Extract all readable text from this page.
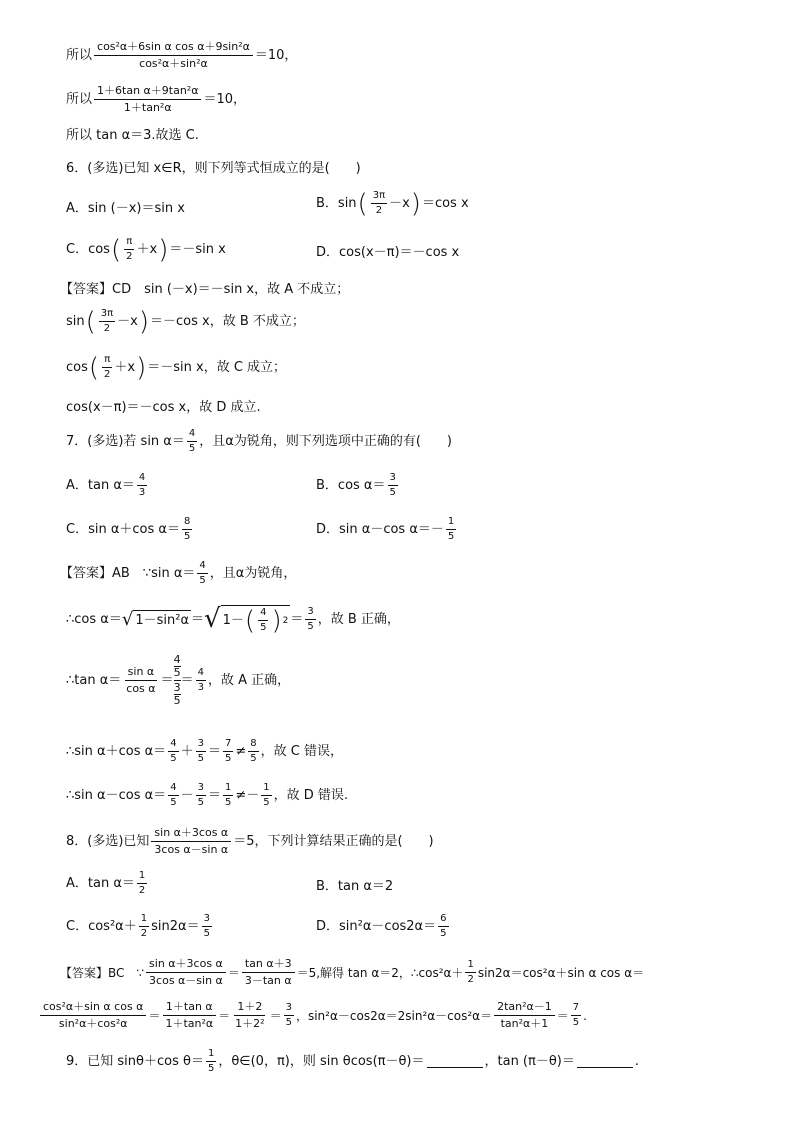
所以 $\frac{\text{cos²α＋6sin α cos α＋9sin²α}}{\text{cos²α＋sin²α}} =10$，
所以 $\frac{\text{1＋6tan α＋9tan²α}}{\text{1＋tan²α}} =10$，
所以 tan α＝3.故选 C.
6．(多选)已知 x∈R，则下列等式恒成立的是(　　)
A．sin (－x)＝sin x	B．sin ( $\frac{3\pi}{2} -x$ ) ＝cos x
C．cos ( $\frac{\pi}{2} +x$ ) ＝－sin x	D．cos(x－π)＝－cos x
【答案】CD　sin (－x)＝－sin x，故 A 不成立；
sin ( $\frac{3\pi}{2} -x$ ) ＝－cos x，故 B 不成立；
cos ( $\frac{\pi}{2} +x$ ) ＝－sin x，故 C 成立；
cos(x－π)＝－cos x，故 D 成立.
7．(多选)若 $\sin \alpha= \frac{4}{5}$ ，且α为锐角，则下列选项中正确的有(　　)
A．$\tan \alpha= \frac{4}{3}$	B．$\cos \alpha= \frac{3}{5}$
C．sin α＋cos $\alpha= \frac{8}{5}$	D．sin α－cos $\alpha=- \frac{1}{5}$
【答案】AB　∵sin $\alpha= \frac{4}{5}$ ，且α为锐角，
∴cos α＝ √ 1－sin²α ＝ √ 1－ ( $\frac{4}{5}$ ) $2 = \frac{3}{5}$ ，故 B 正确，
∴tan $\alpha= \frac{\text{sin α}}{\text{cos α}}$ ＝
4
5
3
5
＝ $\frac{4}{3}$ ，故 A 正确，
∴sin α＋cos $\alpha= \frac{4}{5} + \frac{3}{5} = \frac{7}{5} \ne \frac{8}{5}$ ，故 C 错误，
∴sin α－cos $\alpha= \frac{4}{5} - \frac{3}{5} = \frac{1}{5} \ne- \frac{1}{5}$ ，故 D 错误.
8．(多选)已知 $\frac{\text{sin α＋3cos α}}{\text{3cos α－sin α}} =5$，下列计算结果正确的是(　　)
A．$\tan \alpha= \frac{1}{2}$	B．tan α＝2
C．$\cos^2\alpha+ \frac{1}{2} \sin 2\alpha= \frac{3}{5}$	D．$\sin^2\alpha-\cos 2\alpha= \frac{6}{5}$
【答案】BC　∵ $\frac{\text{sin α＋3cos α}}{\text{3cos α－sin α}} = \frac{\text{tan α＋3}}{\text{3－tan α}} =5$,解得 tan α＝2，∴cos²α＋ $\frac{1}{2} \sin 2\alpha=\cos^2\alpha+\sin$ α cos α＝
$\frac{\text{cos²α＋sin α cos α}}{\text{sin²α＋cos²α}} = \frac{\text{1＋tan α}}{\text{1＋tan²α}} = \frac{1+2}{\text{1＋2²}} = \frac{3}{5}$ ，$\sin^2\alpha-\cos 2\alpha=2\sin^2\alpha-\cos^2\alpha= \frac{\text{2tan²α－1}}{\text{tan²α＋1}} = \frac{7}{5}$ .
9．已知 sinθ＋cos $\theta= \frac{1}{5}$ ，θ∈(0，π)，则 sin θcos(π－θ)＝	，tan (π－θ)＝	.
